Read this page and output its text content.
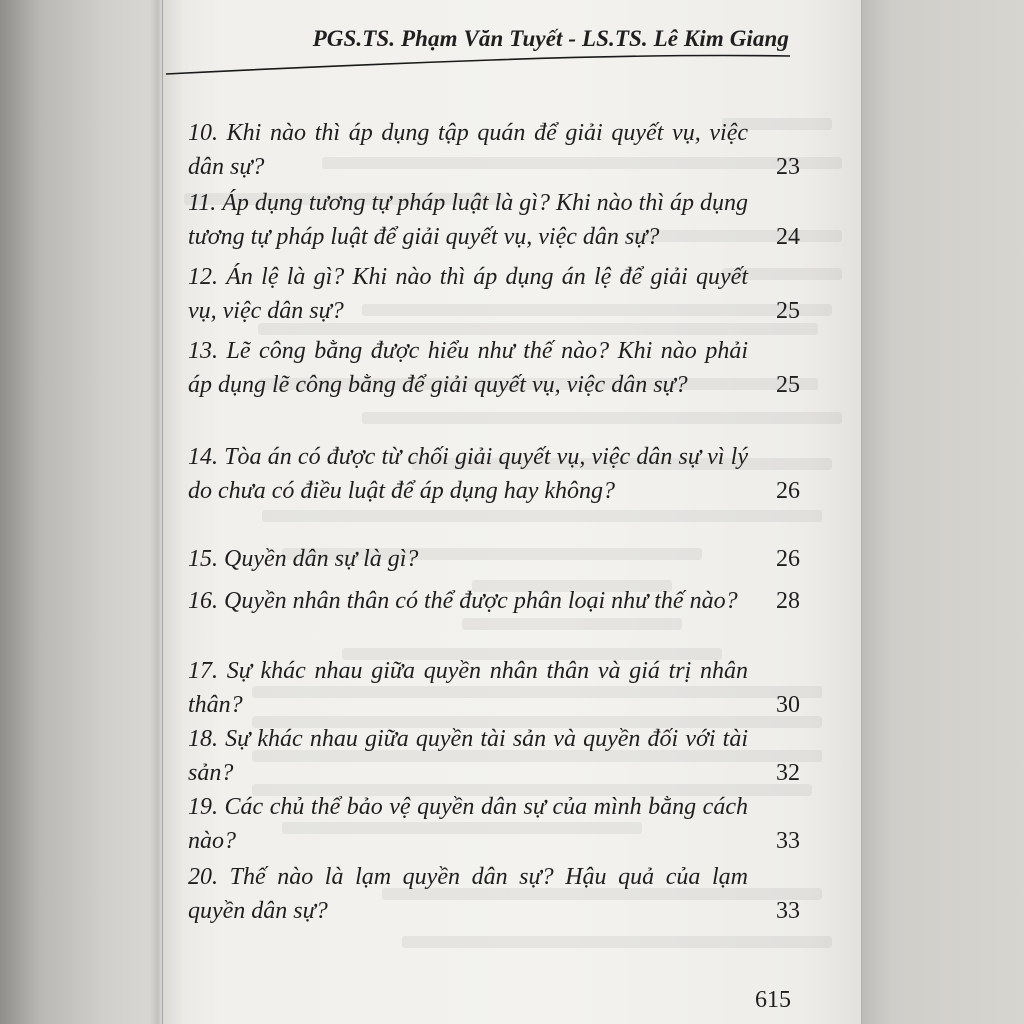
PGS.TS. Phạm Văn Tuyết - LS.TS. Lê Kim Giang
10. Khi nào thì áp dụng tập quán để giải quyết vụ, việc dân sự?	23
11. Áp dụng tương tự pháp luật là gì? Khi nào thì áp dụng tương tự pháp luật để giải quyết vụ, việc dân sự?	24
12. Án lệ là gì? Khi nào thì áp dụng án lệ để giải quyết vụ, việc dân sự?	25
13. Lẽ công bằng được hiểu như thế nào? Khi nào phải áp dụng lẽ công bằng để giải quyết vụ, việc dân sự?	25
14. Tòa án có được từ chối giải quyết vụ, việc dân sự vì lý do chưa có điều luật để áp dụng hay không?	26
15. Quyền dân sự là gì?	26
16. Quyền nhân thân có thể được phân loại như thế nào?	28
17. Sự khác nhau giữa quyền nhân thân và giá trị nhân thân?	30
18. Sự khác nhau giữa quyền tài sản và quyền đối với tài sản?	32
19. Các chủ thể bảo vệ quyền dân sự của mình bằng cách nào?	33
20. Thế nào là lạm quyền dân sự? Hậu quả của lạm quyền dân sự?	33
615
